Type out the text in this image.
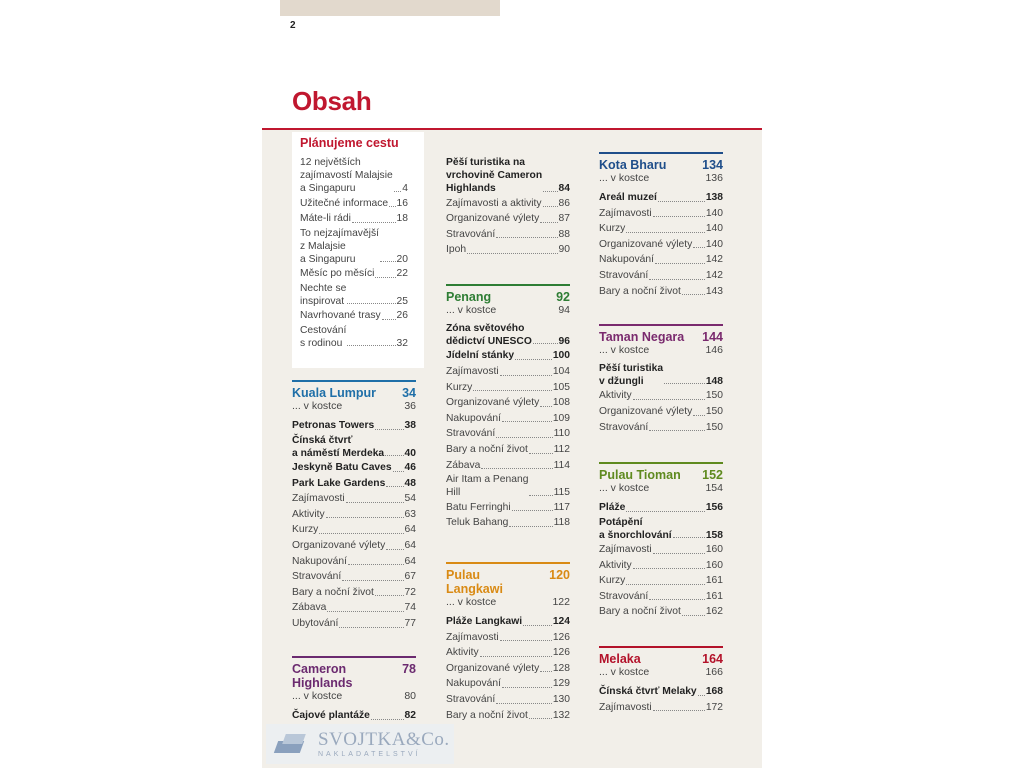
2
Obsah
Plánujeme cestu
12 největších
zajímavostí Malajsie
a Singapuru	4
Užitečné informace 16
Máte-li rádi	18
To nejzajímavější
z Malajsie
a Singapuru	20
Měsíc po měsíci 22
Nechte se
inspirovat	25
Navrhované trasy 26
Cestování
s rodinou	32
Kuala Lumpur	34
... v kostce	36
Petronas Towers	38
Čínská čtvrť
a náměstí Merdeka 40
Jeskyně Batu Caves 46
Park Lake Gardens 48
Zajímavosti	54
Aktivity	63
Kurzy	64
Organizované výlety 64
Nakupování	64
Stravování	67
Bary a noční život	72
Zábava	74
Ubytování	77
Cameron
Highlands
78
... v kostce	80
Čajové plantáže	82
Pěší turistika na
vrchovině Cameron
Highlands	84
Zajímavosti a aktivity 86
Organizované výlety 87
Stravování	88
Ipoh	90
Penang	92
... v kostce	94
Zóna světového
dědictví UNESCO	96
Jídelní stánky	100
Zajímavosti	104
Kurzy	105
Organizované výlety 108
Nakupování	109
Stravování	110
Bary a noční život 112
Zábava	114
Air Itam a Penang
Hill	115
Batu Ferringhi	117
Teluk Bahang	118
Pulau
Langkawi
120
... v kostce	122
Pláže Langkawi	124
Zajímavosti	126
Aktivity	126
Organizované výlety 128
Nakupování	129
Stravování	130
Bary a noční život 132
Kota Bharu	134
... v kostce	136
Areál muzeí	138
Zajímavosti	140
Kurzy	140
Organizované výlety 140
Nakupování	142
Stravování	142
Bary a noční život 143
Taman Negara	144
... v kostce	146
Pěší turistika
v džungli	148
Aktivity	150
Organizované výlety 150
Stravování	150
Pulau Tioman	152
... v kostce	154
Pláže	156
Potápění
a šnorchlování	158
Zajímavosti	160
Aktivity	160
Kurzy	161
Stravování	161
Bary a noční život 162
Melaka	164
... v kostce	166
Čínská čtvrť Melaky 168
Zajímavosti	172
SVOJTKA&Co.
NAKLADATELSTVÍ
